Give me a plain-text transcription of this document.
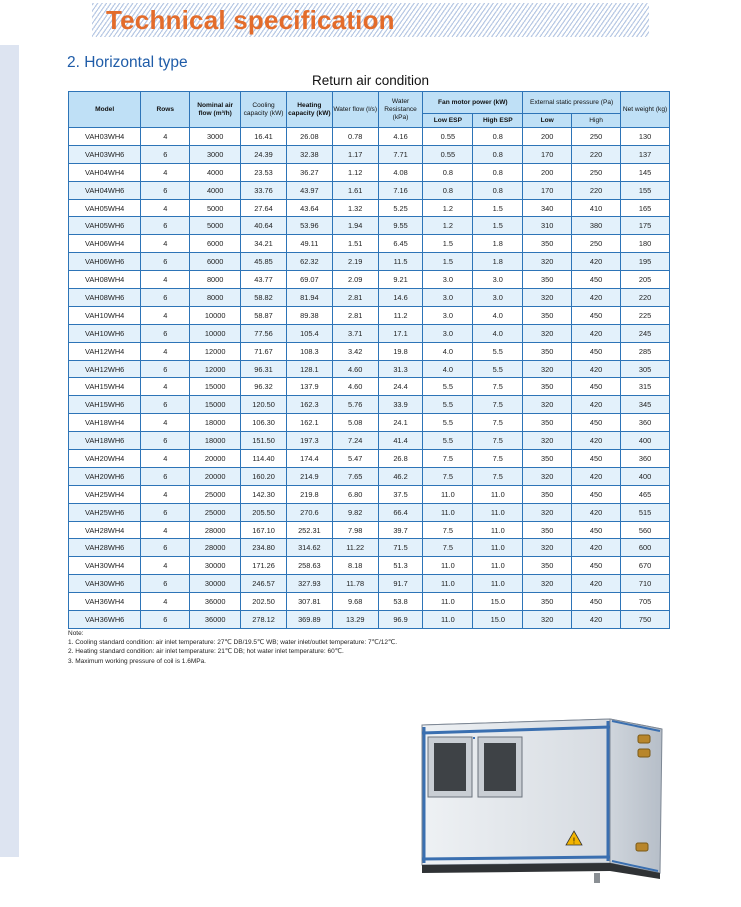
Technical specification
2. Horizontal type
Return air condition
Model	Rows	Nominal air flow (m³/h)	Cooling capacity (kW)	Heating capacity (kW)	Water flow (l/s)	Water Resistance (kPa)	Fan motor power (kW)		External static pressure (Pa)		Net weight (kg)
							Low ESP	High ESP	Low	High	
VAH03WH4	4	3000	16.41	26.08	0.78	4.16	0.55	0.8	200	250	130
VAH03WH6	6	3000	24.39	32.38	1.17	7.71	0.55	0.8	170	220	137
VAH04WH4	4	4000	23.53	36.27	1.12	4.08	0.8	0.8	200	250	145
VAH04WH6	6	4000	33.76	43.97	1.61	7.16	0.8	0.8	170	220	155
VAH05WH4	4	5000	27.64	43.64	1.32	5.25	1.2	1.5	340	410	165
VAH05WH6	6	5000	40.64	53.96	1.94	9.55	1.2	1.5	310	380	175
VAH06WH4	4	6000	34.21	49.11	1.51	6.45	1.5	1.8	350	250	180
VAH06WH6	6	6000	45.85	62.32	2.19	11.5	1.5	1.8	320	420	195
VAH08WH4	4	8000	43.77	69.07	2.09	9.21	3.0	3.0	350	450	205
VAH08WH6	6	8000	58.82	81.94	2.81	14.6	3.0	3.0	320	420	220
VAH10WH4	4	10000	58.87	89.38	2.81	11.2	3.0	4.0	350	450	225
VAH10WH6	6	10000	77.56	105.4	3.71	17.1	3.0	4.0	320	420	245
VAH12WH4	4	12000	71.67	108.3	3.42	19.8	4.0	5.5	350	450	285
VAH12WH6	6	12000	96.31	128.1	4.60	31.3	4.0	5.5	320	420	305
VAH15WH4	4	15000	96.32	137.9	4.60	24.4	5.5	7.5	350	450	315
VAH15WH6	6	15000	120.50	162.3	5.76	33.9	5.5	7.5	320	420	345
VAH18WH4	4	18000	106.30	162.1	5.08	24.1	5.5	7.5	350	450	360
VAH18WH6	6	18000	151.50	197.3	7.24	41.4	5.5	7.5	320	420	400
VAH20WH4	4	20000	114.40	174.4	5.47	26.8	7.5	7.5	350	450	360
VAH20WH6	6	20000	160.20	214.9	7.65	46.2	7.5	7.5	320	420	400
VAH25WH4	4	25000	142.30	219.8	6.80	37.5	11.0	11.0	350	450	465
VAH25WH6	6	25000	205.50	270.6	9.82	66.4	11.0	11.0	320	420	515
VAH28WH4	4	28000	167.10	252.31	7.98	39.7	7.5	11.0	350	450	560
VAH28WH6	6	28000	234.80	314.62	11.22	71.5	7.5	11.0	320	420	600
VAH30WH4	4	30000	171.26	258.63	8.18	51.3	11.0	11.0	350	450	670
VAH30WH6	6	30000	246.57	327.93	11.78	91.7	11.0	11.0	320	420	710
VAH36WH4	4	36000	202.50	307.81	9.68	53.8	11.0	15.0	350	450	705
VAH36WH6	6	36000	278.12	369.89	13.29	96.9	11.0	15.0	320	420	750
Note:
1. Cooling standard condition: air inlet temperature: 27℃ DB/19.5℃ WB; water inlet/outlet temperature: 7℃/12℃.
2. Heating standard condition: air inlet temperature: 21℃ DB; hot water inlet temperature: 60℃.
3. Maximum working pressure of coil is 1.6MPa.
!
